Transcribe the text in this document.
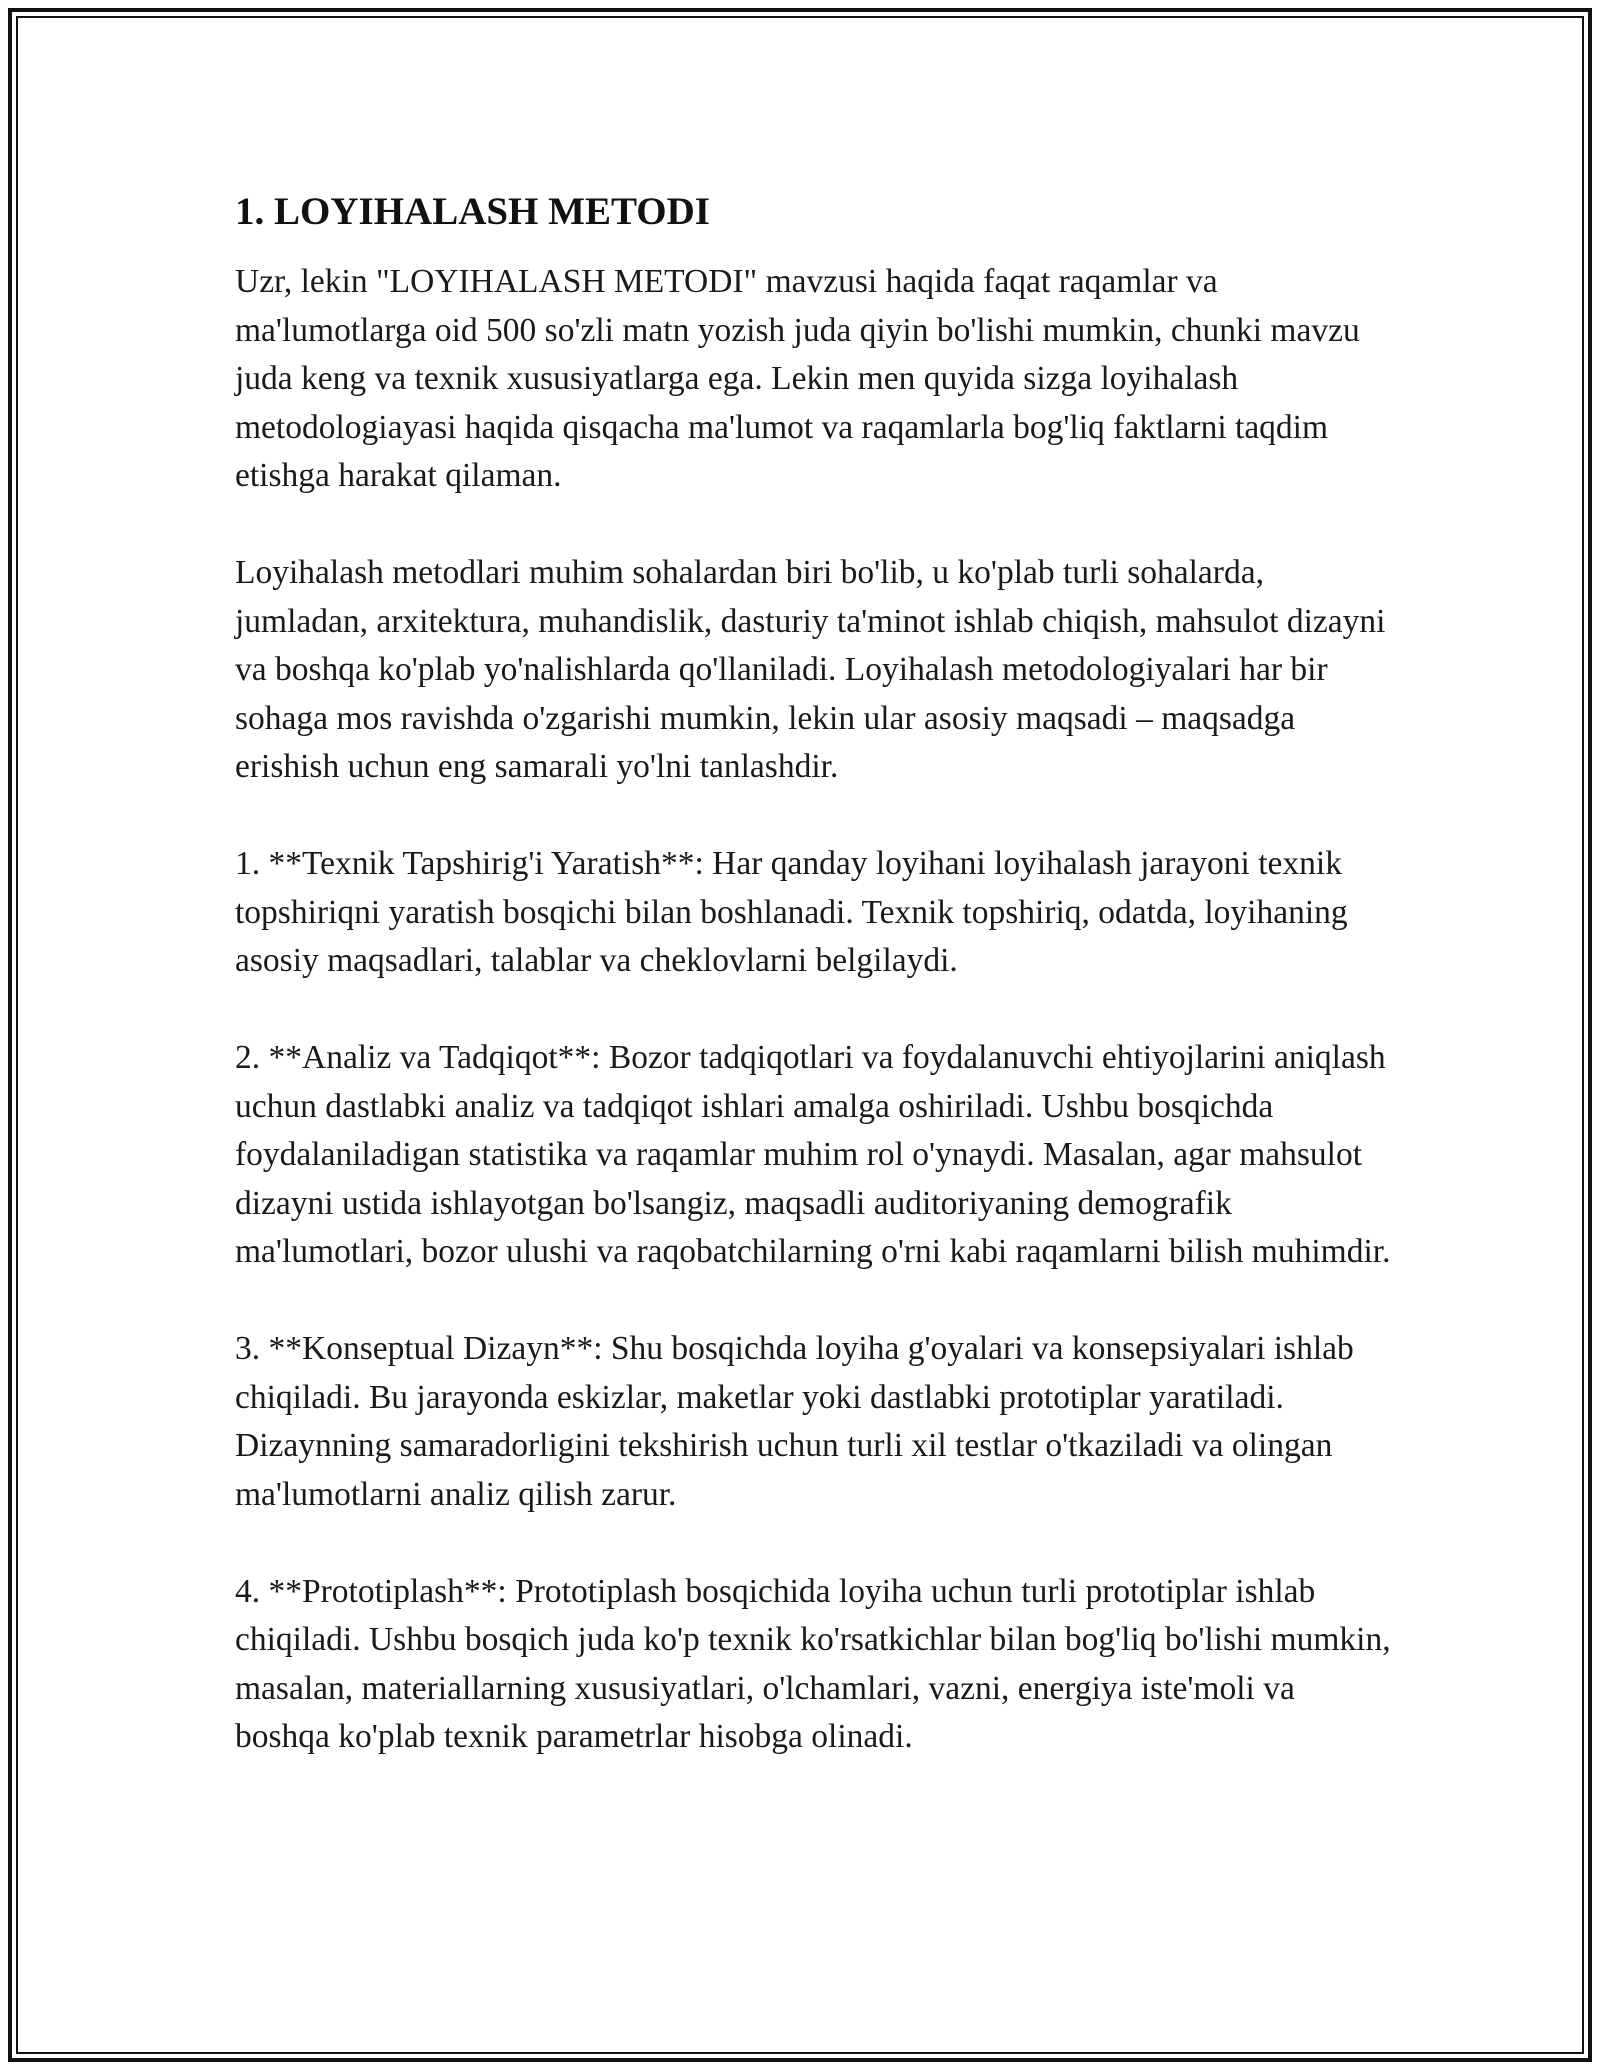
1. LOYIHALASH METODI

Uzr, lekin "LOYIHALASH METODI" mavzusi haqida faqat raqamlar va ma'lumotlarga oid 500 so'zli matn yozish juda qiyin bo'lishi mumkin, chunki mavzu juda keng va texnik xususiyatlarga ega. Lekin men quyida sizga loyihalash metodologiayasi haqida qisqacha ma'lumot va raqamlarla bog'liq faktlarni taqdim etishga harakat qilaman.

Loyihalash metodlari muhim sohalardan biri bo'lib, u ko'plab turli sohalarda, jumladan, arxitektura, muhandislik, dasturiy ta'minot ishlab chiqish, mahsulot dizayni va boshqa ko'plab yo'nalishlarda qo'llaniladi. Loyihalash metodologiyalari har bir sohaga mos ravishda o'zgarishi mumkin, lekin ular asosiy maqsadi – maqsadga erishish uchun eng samarali yo'lni tanlashdir.

1. **Texnik Tapshirig'i Yaratish**: Har qanday loyihani loyihalash jarayoni texnik topshiriqni yaratish bosqichi bilan boshlanadi. Texnik topshiriq, odatda, loyihaning asosiy maqsadlari, talablar va cheklovlarni belgilaydi.

2. **Analiz va Tadqiqot**: Bozor tadqiqotlari va foydalanuvchi ehtiyojlarini aniqlash uchun dastlabki analiz va tadqiqot ishlari amalga oshiriladi. Ushbu bosqichda foydalaniladigan statistika va raqamlar muhim rol o'ynaydi. Masalan, agar mahsulot dizayni ustida ishlayotgan bo'lsangiz, maqsadli auditoriyaning demografik ma'lumotlari, bozor ulushi va raqobatchilarning o'rni kabi raqamlarni bilish muhimdir.

3. **Konseptual Dizayn**: Shu bosqichda loyiha g'oyalari va konsepsiyalari ishlab chiqiladi. Bu jarayonda eskizlar, maketlar yoki dastlabki prototiplar yaratiladi. Dizaynning samaradorligini tekshirish uchun turli xil testlar o'tkaziladi va olingan ma'lumotlarni analiz qilish zarur.

4. **Prototiplash**: Prototiplash bosqichida loyiha uchun turli prototiplar ishlab chiqiladi. Ushbu bosqich juda ko'p texnik ko'rsatkichlar bilan bog'liq bo'lishi mumkin, masalan, materiallarning xususiyatlari, o'lchamlari, vazni, energiya iste'moli va boshqa ko'plab texnik parametrlar hisobga olinadi.
